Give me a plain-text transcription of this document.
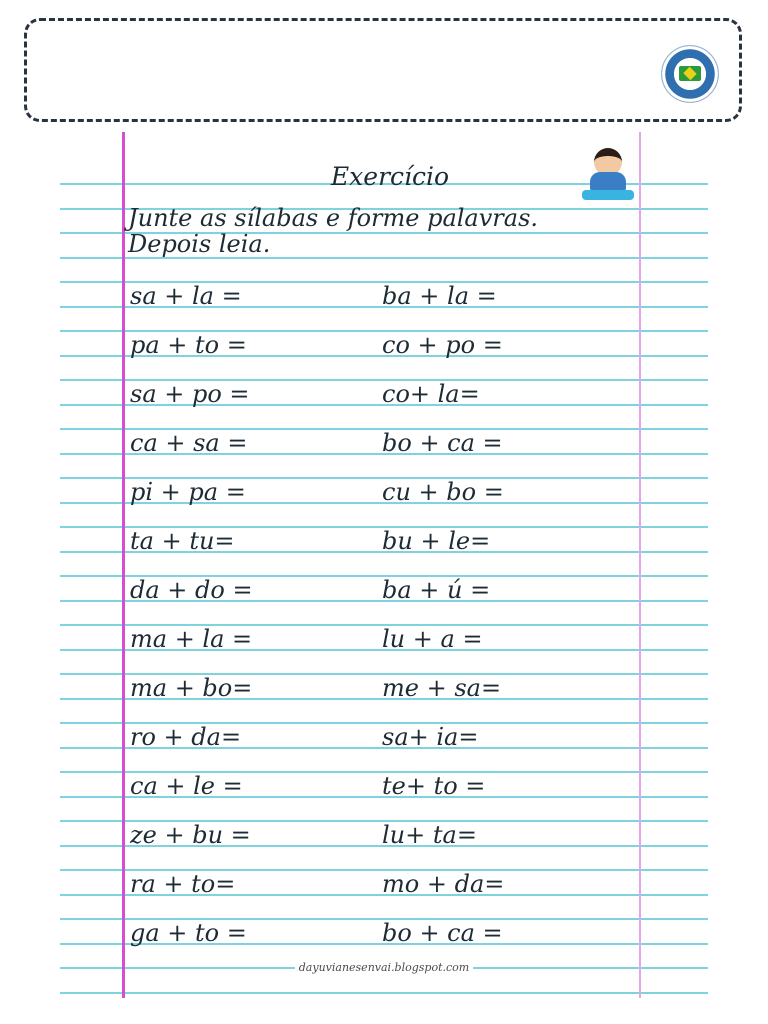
Exercício
Junte as sílabas e forme palavras.
Depois leia.
sa + la =	ba + la =
pa + to =	co + po =
sa + po =	co+ la=
ca + sa =	bo + ca =
pi + pa =	cu + bo =
ta + tu=	bu + le=
da + do =	ba + ú =
ma + la =	lu + a =
ma + bo=	me + sa=
ro + da=	sa+ ia=
ca + le =	te+ to =
ze + bu =	lu+ ta=
ra + to=	mo + da=
ga + to =	bo + ca =
dayuvianesenvai.blogspot.com
